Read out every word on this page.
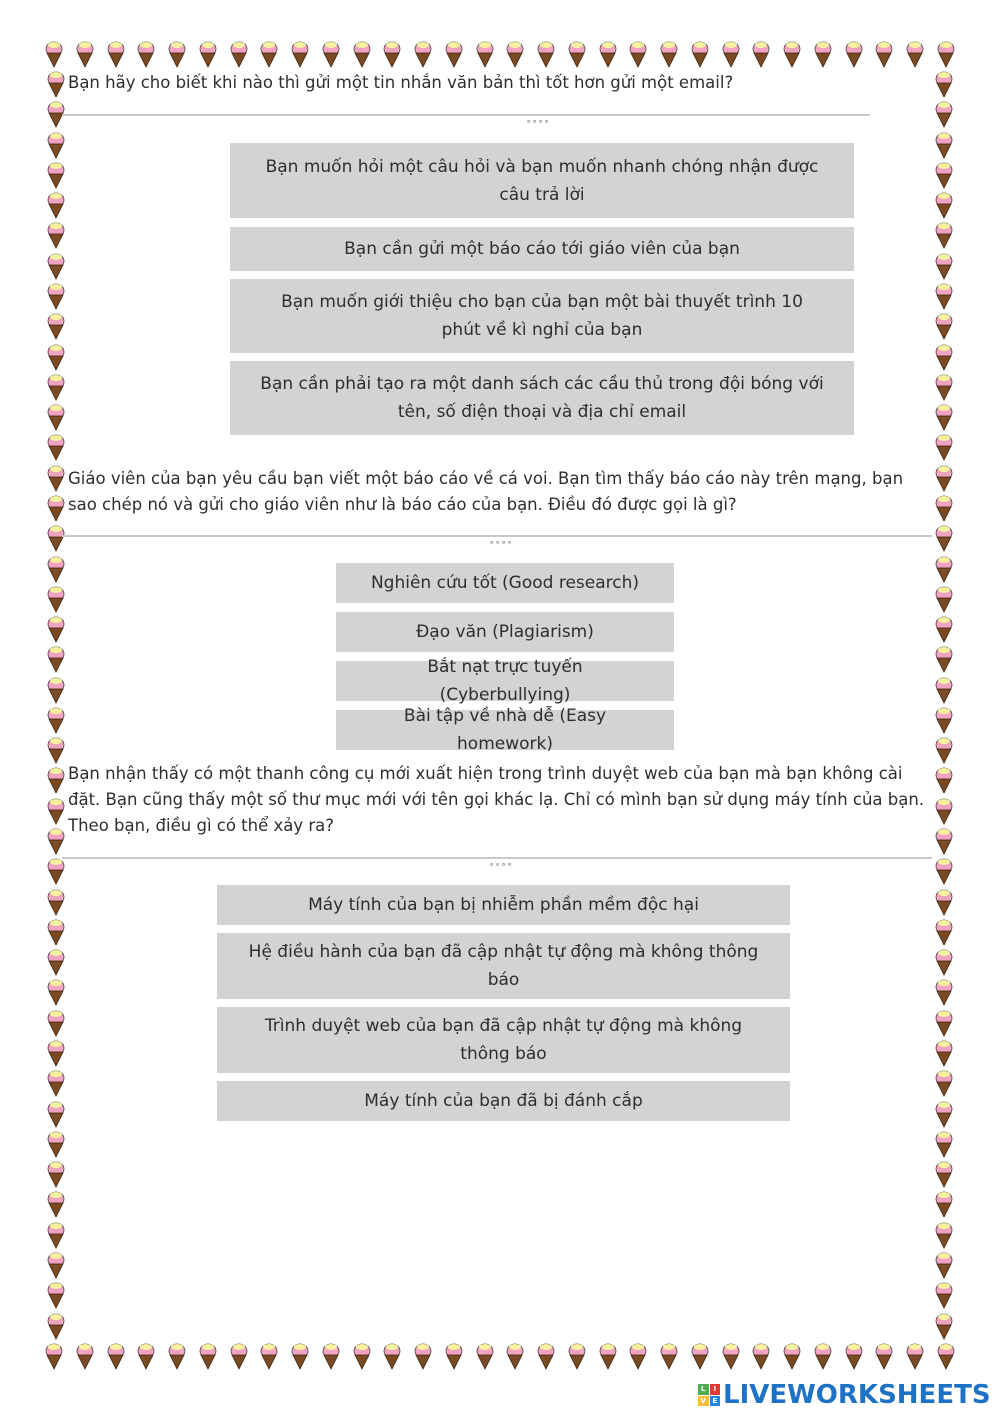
Bạn hãy cho biết khi nào thì gửi một tin nhắn văn bản thì tốt hơn gửi một email?
∘∘∘∘
Bạn muốn hỏi một câu hỏi và bạn muốn nhanh chóng nhận được câu trả lời
Bạn cần gửi một báo cáo tới giáo viên của bạn
Bạn muốn giới thiệu cho bạn của bạn một bài thuyết trình 10 phút về kì nghỉ của bạn
Bạn cần phải tạo ra một danh sách các cầu thủ trong đội bóng với tên, số điện thoại và địa chỉ email
Giáo viên của bạn yêu cầu bạn viết một báo cáo về cá voi. Bạn tìm thấy báo cáo này trên mạng, bạn sao chép nó và gửi cho giáo viên như là báo cáo của bạn. Điều đó được gọi là gì?
∘∘∘∘
Nghiên cứu tốt (Good research)
Đạo văn (Plagiarism)
Bắt nạt trực tuyến (Cyberbullying)
Bài tập về nhà dễ (Easy homework)
Bạn nhận thấy có một thanh công cụ mới xuất hiện trong trình duyệt web của bạn mà bạn không cài đặt. Bạn cũng thấy một số thư mục mới với tên gọi khác lạ. Chỉ có mình bạn sử dụng máy tính của bạn. Theo bạn, điều gì có thể xảy ra?
∘∘∘∘
Máy tính của bạn bị nhiễm phần mềm độc hại
Hệ điều hành của bạn đã cập nhật tự động mà không thông báo
Trình duyệt web của bạn đã cập nhật tự động mà không thông báo
Máy tính của bạn đã bị đánh cắp
L	I
V E LIVEWORKSHEETS
